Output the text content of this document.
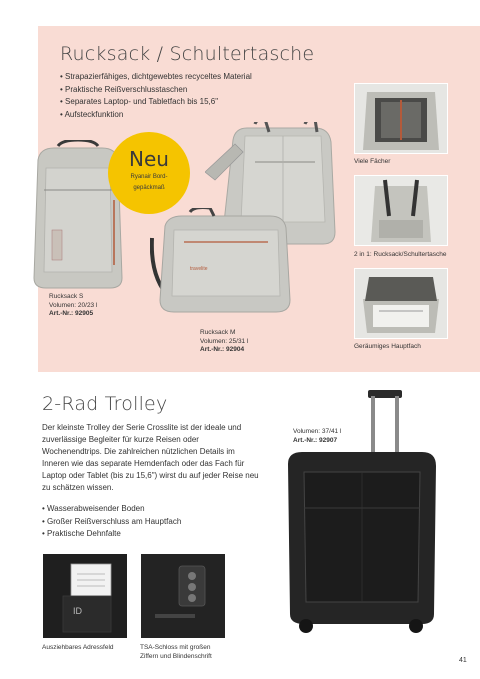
Rucksack / Schultertasche
• Strapazierfähiges, dichtgewebtes recyceltes Material
• Praktische Reißverschlusstaschen
• Separates Laptop- und Tabletfach bis 15,6"
• Aufsteckfunktion
travelite
Neu
Ryanair Bord-
gepäckmaß
Rucksack S
Volumen: 20/23 l
Art.-Nr.: 92905
Rucksack M
Volumen: 25/31 l
Art.-Nr.: 92904
Viele Fächer
2 in 1: Rucksack/Schultertasche
Geräumiges Hauptfach
2-Rad Trolley
Der kleinste Trolley der Serie Crosslite ist der ideale und zuverlässige Begleiter für kurze Reisen oder Wochenendtrips. Die zahlreichen nützlichen Details im Inneren wie das separate Hemdenfach oder das Fach für Laptop oder Tablet (bis zu 15,6") wirst du auf jeder Reise neu zu schätzen wissen.
• Wasserabweisender Boden
• Großer Reißverschluss am Hauptfach
• Praktische Dehnfalte
Volumen: 37/41 l
Art.-Nr.: 92907
ID
Ausziehbares Adressfeld	TSA-Schloss mit großen
Ziffern und Blindenschrift
41
